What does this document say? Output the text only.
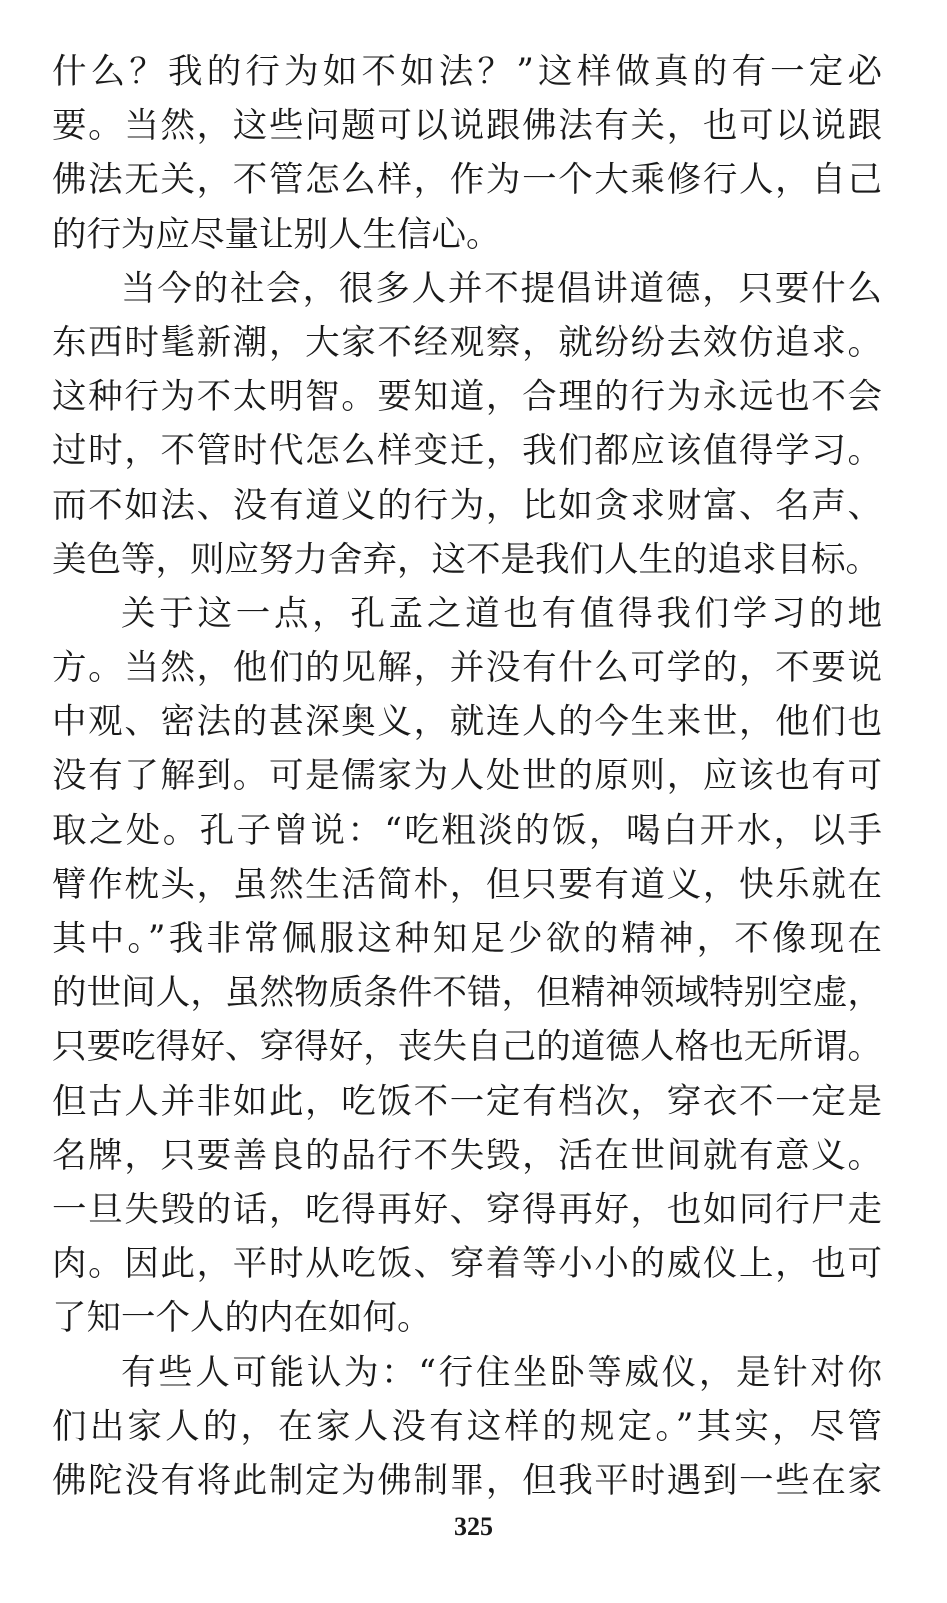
什么？我的行为如不如法？”这样做真的有一定必
要。当然，这些问题可以说跟佛法有关，也可以说跟
佛法无关，不管怎么样，作为一个大乘修行人，自己
的行为应尽量让别人生信心。
当今的社会，很多人并不提倡讲道德，只要什么
东西时髦新潮，大家不经观察，就纷纷去效仿追求。
这种行为不太明智。要知道，合理的行为永远也不会
过时，不管时代怎么样变迁，我们都应该值得学习。
而不如法、没有道义的行为，比如贪求财富、名声、
美色等，则应努力舍弃，这不是我们人生的追求目标。
关于这一点，孔孟之道也有值得我们学习的地
方。当然，他们的见解，并没有什么可学的，不要说
中观、密法的甚深奥义，就连人的今生来世，他们也
没有了解到。可是儒家为人处世的原则，应该也有可
取之处。孔子曾说：“吃粗淡的饭，喝白开水，以手
臂作枕头，虽然生活简朴，但只要有道义，快乐就在
其中。”我非常佩服这种知足少欲的精神，不像现在
的世间人，虽然物质条件不错，但精神领域特别空虚，
只要吃得好、穿得好，丧失自己的道德人格也无所谓。
但古人并非如此，吃饭不一定有档次，穿衣不一定是
名牌，只要善良的品行不失毁，活在世间就有意义。
一旦失毁的话，吃得再好、穿得再好，也如同行尸走
肉。因此，平时从吃饭、穿着等小小的威仪上，也可
了知一个人的内在如何。
有些人可能认为：“行住坐卧等威仪，是针对你
们出家人的，在家人没有这样的规定。”其实，尽管
佛陀没有将此制定为佛制罪，但我平时遇到一些在家
325
